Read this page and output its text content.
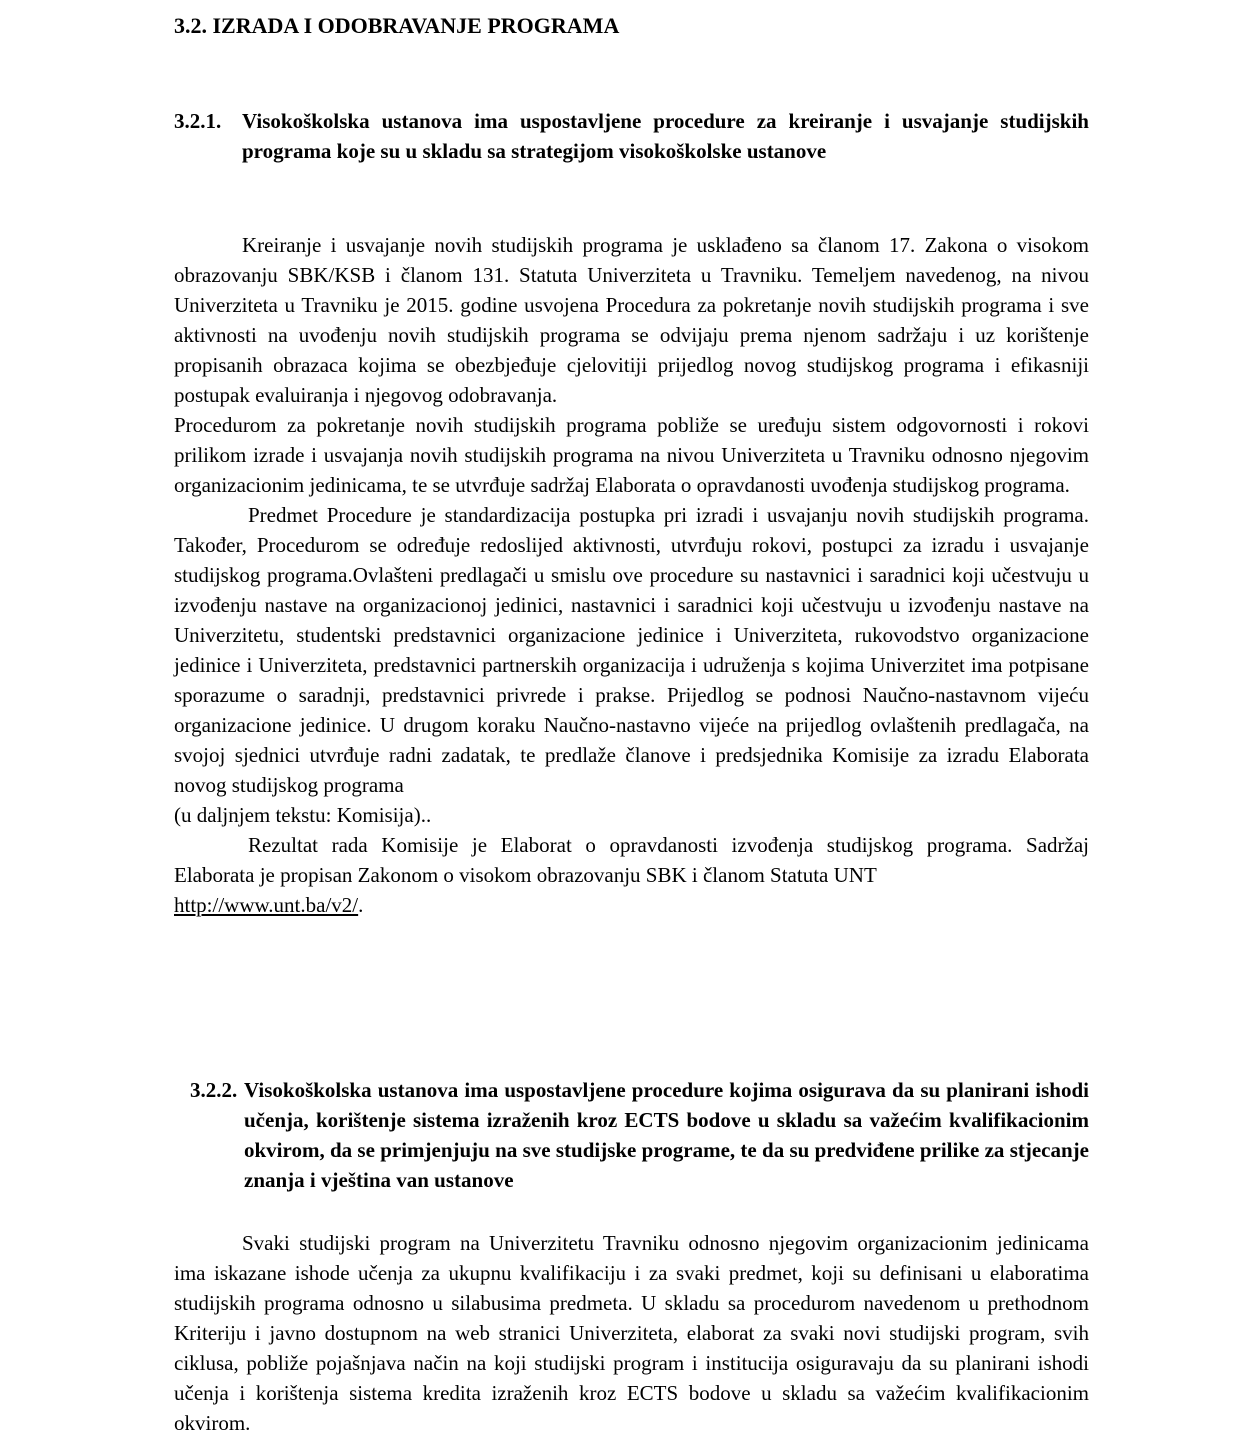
3.2. IZRADA I ODOBRAVANJE PROGRAMA
3.2.1. Visokoškolska ustanova ima uspostavljene procedure za kreiranje i usvajanje studijskih programa koje su u skladu sa strategijom visokoškolske ustanove

Kreiranje i usvajanje novih studijskih programa je usklađeno sa članom 17. Zakona o visokom obrazovanju SBK/KSB i članom 131. Statuta Univerziteta u Travniku. Temeljem navedenog, na nivou Univerziteta u Travniku je 2015. godine usvojena Procedura za pokretanje novih studijskih programa i sve aktivnosti na uvođenju novih studijskih programa se odvijaju prema njenom sadržaju i uz korištenje propisanih obrazaca kojima se obezbjeđuje cjelovitiji prijedlog novog studijskog programa i efikasniji postupak evaluiranja i njegovog odobravanja.

Procedurom za pokretanje novih studijskih programa pobliže se uređuju sistem odgovornosti i rokovi prilikom izrade i usvajanja novih studijskih programa na nivou Univerziteta u Travniku odnosno njegovim organizacionim jedinicama, te se utvrđuje sadržaj Elaborata o opravdanosti uvođenja studijskog programa.

Predmet Procedure je standardizacija postupka pri izradi i usvajanju novih studijskih programa. Također, Procedurom se određuje redoslijed aktivnosti, utvrđuju rokovi, postupci za izradu i usvajanje studijskog programa.Ovlašteni predlagači u smislu ove procedure su nastavnici i saradnici koji učestvuju u izvođenju nastave na organizacionoj jedinici, nastavnici i saradnici koji učestvuju u izvođenju nastave na Univerzitetu, studentski predstavnici organizacione jedinice i Univerziteta, rukovodstvo organizacione jedinice i Univerziteta, predstavnici partnerskih organizacija i udruženja s kojima Univerzitet ima potpisane sporazume o saradnji, predstavnici privrede i prakse. Prijedlog se podnosi Naučno-nastavnom vijeću organizacione jedinice. U drugom koraku Naučno-nastavno vijeće na prijedlog ovlaštenih predlagača, na svojoj sjednici utvrđuje radni zadatak, te predlaže članove i predsjednika Komisije za izradu Elaborata novog studijskog programa

(u daljnjem tekstu: Komisija)..

Rezultat rada Komisije je Elaborat o opravdanosti izvođenja studijskog programa. Sadržaj Elaborata je propisan Zakonom o visokom obrazovanju SBK i članom Statuta UNT
http://www.unt.ba/v2/.

3.2.2. Visokoškolska ustanova ima uspostavljene procedure kojima osigurava da su planirani ishodi učenja, korištenje sistema izraženih kroz ECTS bodove u skladu sa važećim kvalifikacionim okvirom, da se primjenjuju na sve studijske programe, te da su predviđene prilike za stjecanje znanja i vještina van ustanove

Svaki studijski program na Univerzitetu Travniku odnosno njegovim organizacionim jedinicama ima iskazane ishode učenja za ukupnu kvalifikaciju i za svaki predmet, koji su definisani u elaboratima studijskih programa odnosno u silabusima predmeta. U skladu sa procedurom navedenom u prethodnom Kriteriju i javno dostupnom na web stranici Univerziteta, elaborat za svaki novi studijski program, svih ciklusa, pobliže pojašnjava način na koji studijski program i institucija osiguravaju da su planirani ishodi učenja i korištenja sistema kredita izraženih kroz ECTS bodove u skladu sa važećim kvalifikacionim okvirom.
